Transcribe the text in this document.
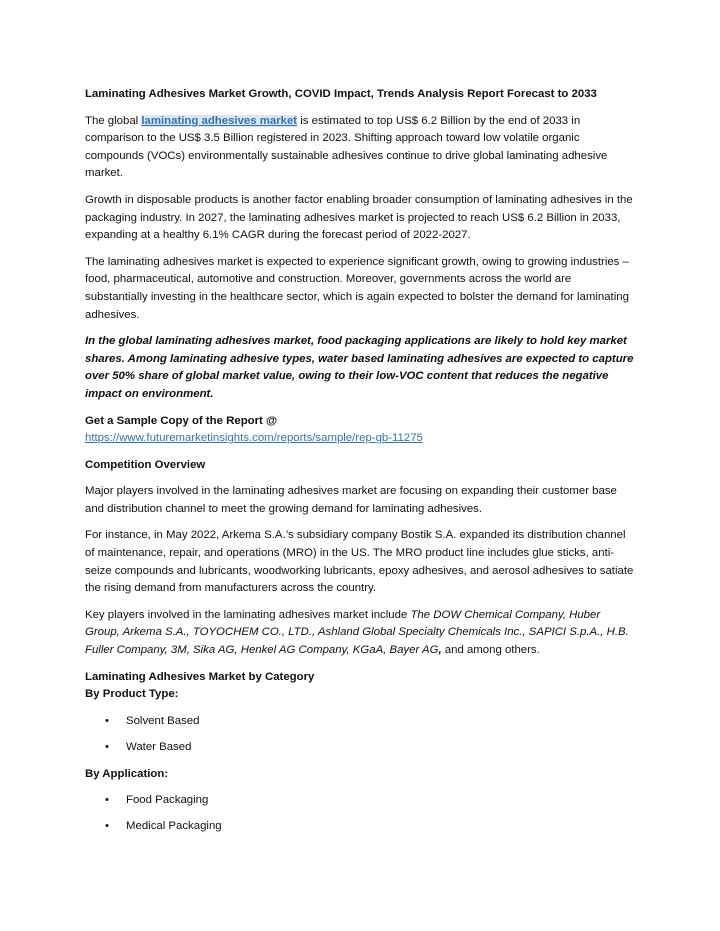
Laminating Adhesives Market Growth, COVID Impact, Trends Analysis Report Forecast to 2033

The global laminating adhesives market is estimated to top US$ 6.2 Billion by the end of 2033 in comparison to the US$ 3.5 Billion registered in 2023. Shifting approach toward low volatile organic compounds (VOCs) environmentally sustainable adhesives continue to drive global laminating adhesive market.

Growth in disposable products is another factor enabling broader consumption of laminating adhesives in the packaging industry. In 2027, the laminating adhesives market is projected to reach US$ 6.2 Billion in 2033, expanding at a healthy 6.1% CAGR during the forecast period of 2022-2027.

The laminating adhesives market is expected to experience significant growth, owing to growing industries – food, pharmaceutical, automotive and construction. Moreover, governments across the world are substantially investing in the healthcare sector, which is again expected to bolster the demand for laminating adhesives.

In the global laminating adhesives market, food packaging applications are likely to hold key market shares. Among laminating adhesive types, water based laminating adhesives are expected to capture over 50% share of global market value, owing to their low-VOC content that reduces the negative impact on environment.

Get a Sample Copy of the Report @
https://www.futuremarketinsights.com/reports/sample/rep-gb-11275

Competition Overview

Major players involved in the laminating adhesives market are focusing on expanding their customer base and distribution channel to meet the growing demand for laminating adhesives.

For instance, in May 2022, Arkema S.A.’s subsidiary company Bostik S.A. expanded its distribution channel of maintenance, repair, and operations (MRO) in the US. The MRO product line includes glue sticks, anti-seize compounds and lubricants, woodworking lubricants, epoxy adhesives, and aerosol adhesives to satiate the rising demand from manufacturers across the country.

Key players involved in the laminating adhesives market include The DOW Chemical Company, Huber Group, Arkema S.A., TOYOCHEM CO., LTD., Ashland Global Specialty Chemicals Inc., SAPICI S.p.A., H.B. Fuller Company, 3M, Sika AG, Henkel AG Company, KGaA, Bayer AG, and among others.

Laminating Adhesives Market by Category

By Product Type:

• Solvent Based
• Water Based

By Application:

• Food Packaging
• Medical Packaging
